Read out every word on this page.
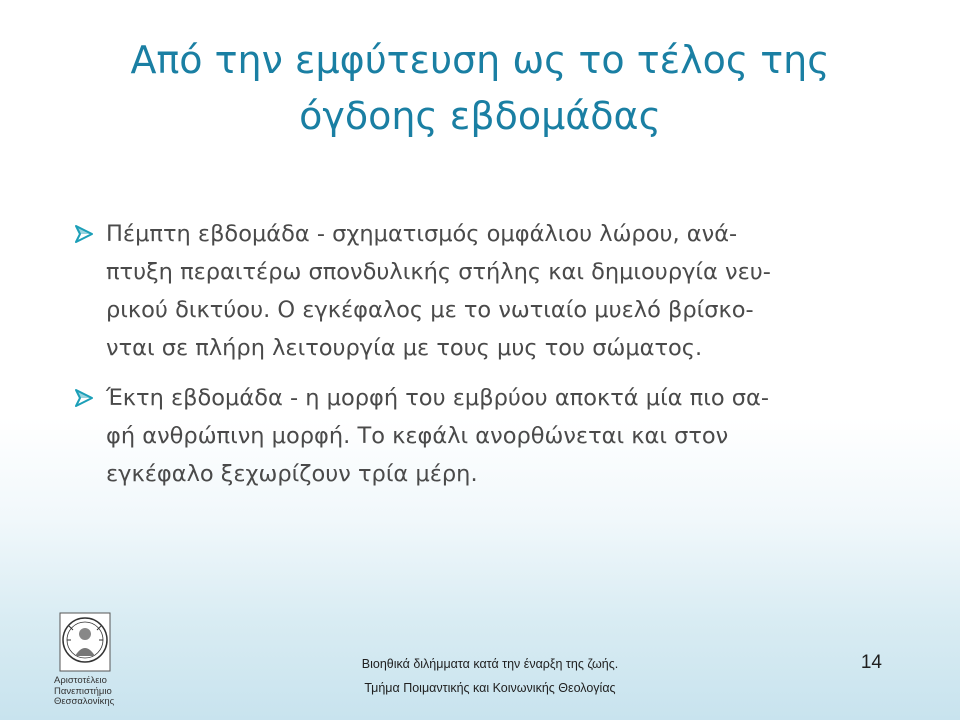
Από την εμφύτευση ως το τέλος της
όγδοης εβδομάδας
Πέμπτη εβδομάδα - σχηματισμός ομφάλιου λώρου, ανά-
πτυξη περαιτέρω σπονδυλικής στήλης και δημιουργία νευ-
ρικού δικτύου. Ο εγκέφαλος με το νωτιαίο μυελό βρίσκο-
νται σε πλήρη λειτουργία με τους μυς του σώματος.
Έκτη εβδομάδα - η μορφή του εμβρύου αποκτά μία πιο σα-
φή ανθρώπινη μορφή. Το κεφάλι ανορθώνεται και στον
εγκέφαλο ξεχωρίζουν τρία μέρη.
Αριστοτέλειο
Πανεπιστήμιο
Θεσσαλονίκης
Βιοηθικά διλήμματα κατά την έναρξη της ζωής.
Τμήμα Ποιμαντικής και Κοινωνικής Θεολογίας
14
